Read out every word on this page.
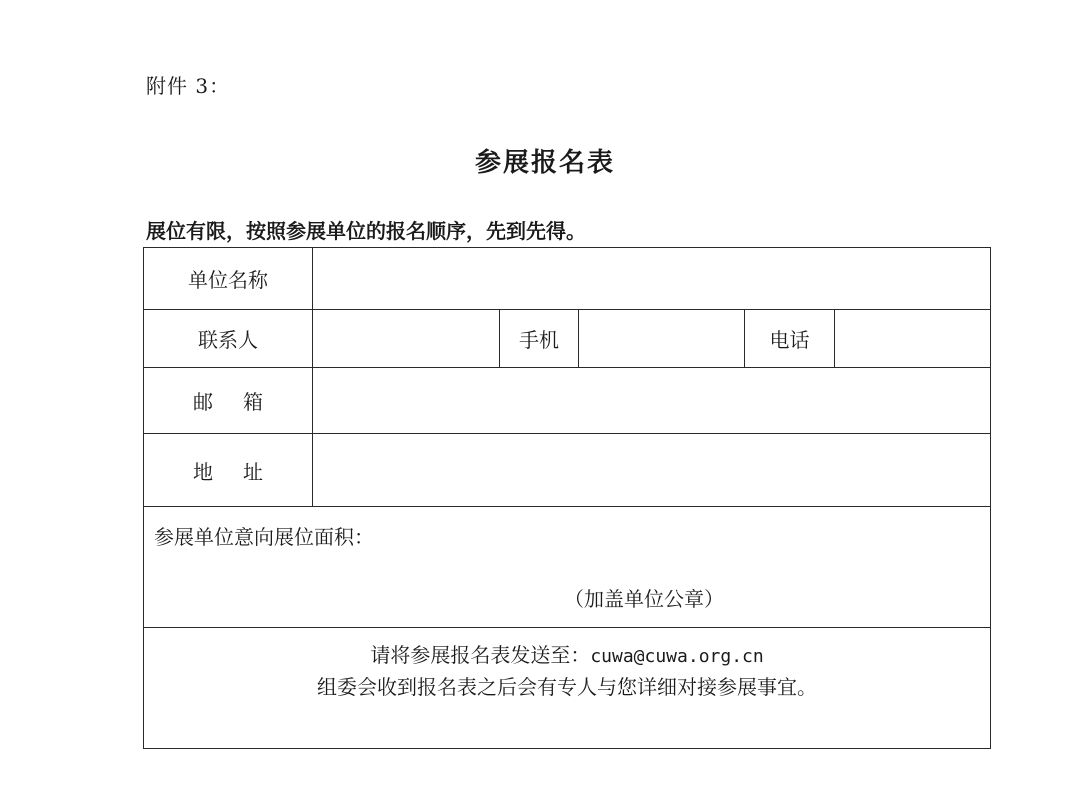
附件 3：
参展报名表
展位有限，按照参展单位的报名顺序，先到先得。
单位名称					
联系人		手机		电话	
邮箱					
地址					

参展单位意向展位面积：
（加盖单位公章）					

请将参展报名表发送至：cuwa@cuwa.org.cn
组委会收到报名表之后会有专人与您详细对接参展事宜。					
